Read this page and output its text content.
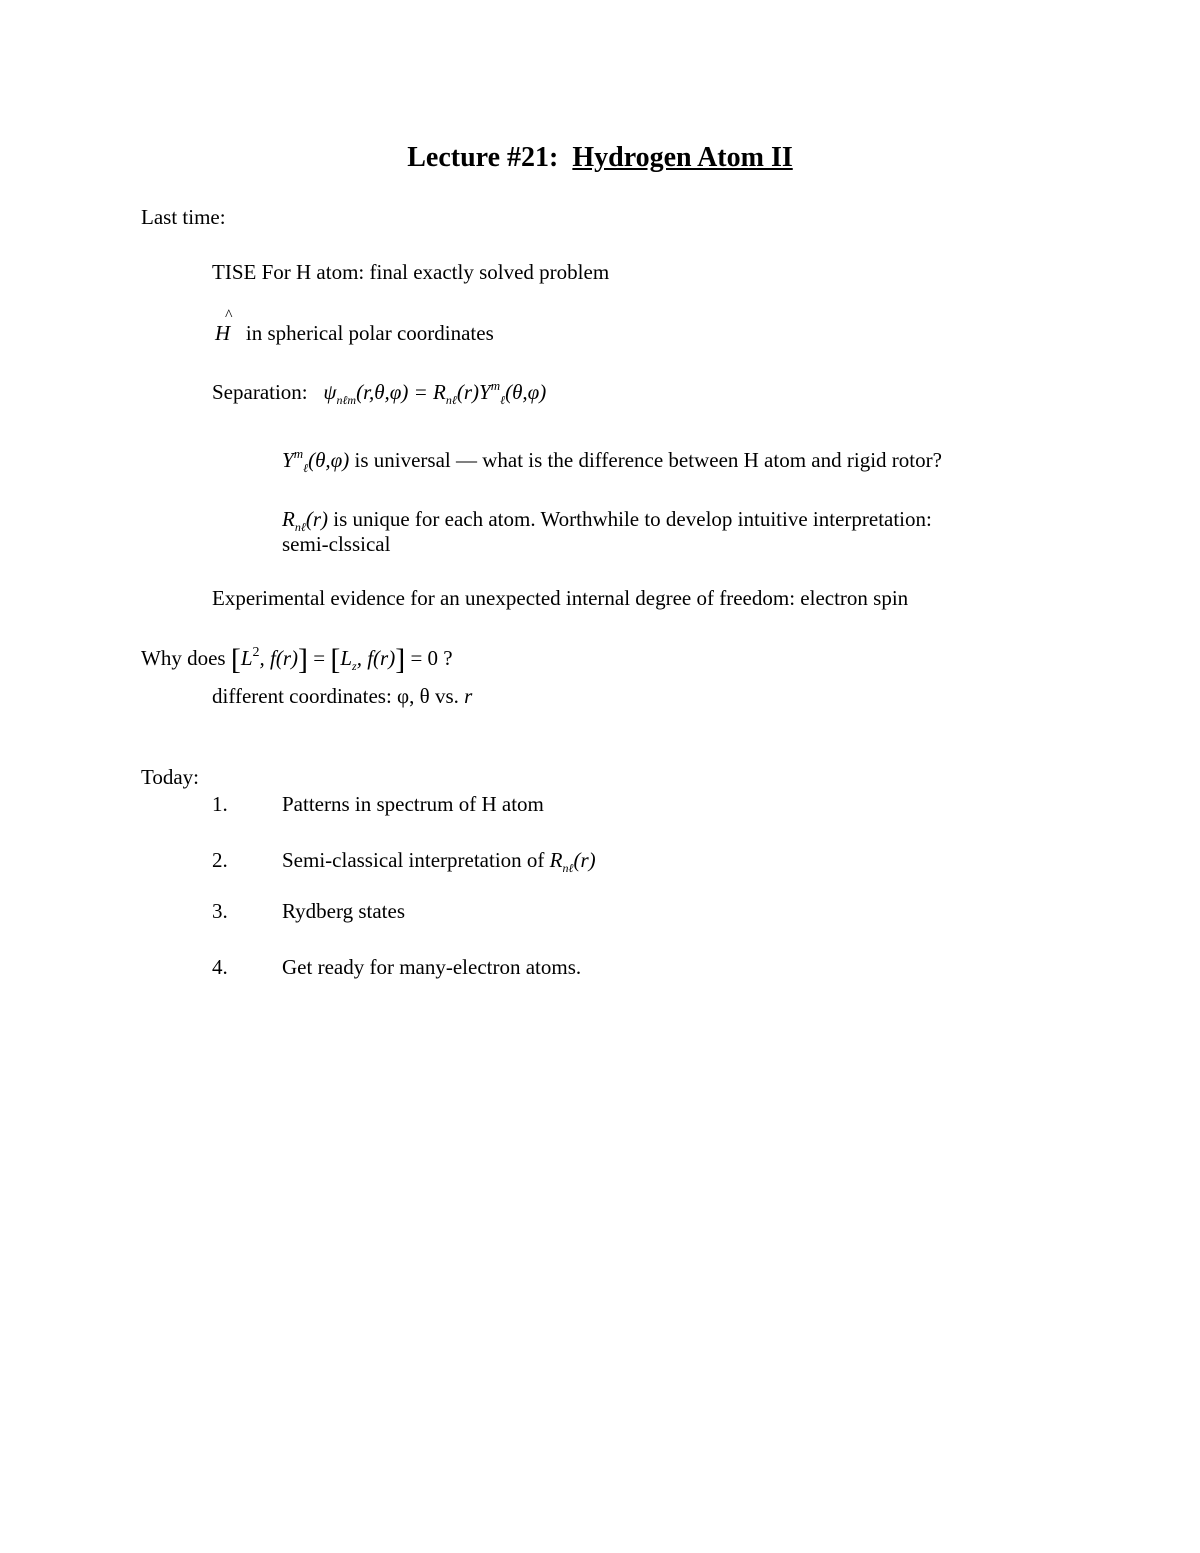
Lecture #21: Hydrogen Atom II
Last time:
TISE For H atom: final exactly solved problem
H
^
in spherical polar coordinates
Separation: $\psi_{n\ell m}(r,\theta,\varphi) = R_{n\ell}(r)Y^m_\ell(\theta,\varphi)$
$Y^m_\ell(\theta,\varphi)$ is universal — what is the difference between H atom and rigid rotor?
$R_{n\ell}(r)$ is unique for each atom. Worthwhile to develop intuitive interpretation:
semi-clssical
Experimental evidence for an unexpected internal degree of freedom: electron spin
Why does [$L^2$, $f(r)] = [L_z$, f(r)] = 0 ?
different coordinates: φ, θ vs. r
Today:
1.	Patterns in spectrum of H atom
2.	Semi-classical interpretation of $R_{n\ell}(r)$
3.	Rydberg states
4.	Get ready for many-electron atoms.
